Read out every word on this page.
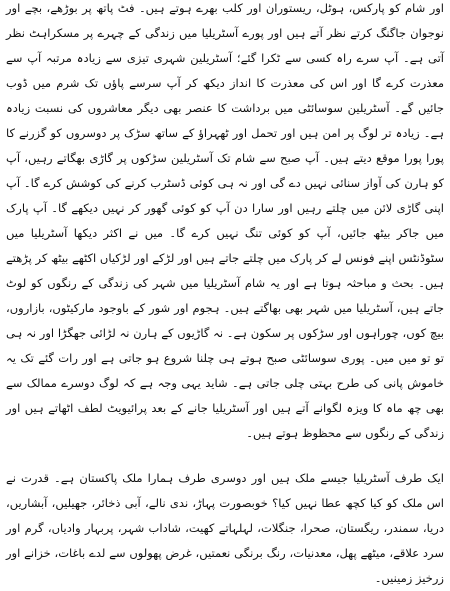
اور شام کو پارکس، ہوٹل، ریستوران اور کلب بھرے ہوتے ہیں۔ فٹ پاتھ پر بوڑھے، بچے اور نوجوان جاگنگ کرتے نظر آتے ہیں اور پورے آسٹریلیا میں زندگی کے چہرے پر مسکراہٹ نظر آتی ہے۔ آپ سرے راہ کسی سے ٹکرا گئے؛ آسٹریلین شہری تیزی سے زیادہ مرتبہ آپ سے معذرت کرے گا اور اس کی معذرت کا انداز دیکھ کر آپ سرسے پاؤں تک شرم میں ڈوب جائیں گے۔ آسٹریلین سوسائٹی میں برداشت کا عنصر بھی دیگر معاشروں کی نسبت زیادہ ہے۔ زیادہ تر لوگ پر امن ہیں اور تحمل اور ٹھہراؤ کے ساتھ سڑک پر دوسروں کو گزرنے کا پورا پورا موقع دیتے ہیں۔ آپ صبح سے شام تک آسٹریلین سڑکوں پر گاڑی بھگاتے رہیں، آپ کو ہارن کی آواز سنائی نہیں دے گی اور نہ ہی کوئی ڈسٹرب کرنے کی کوشش کرے گا۔ آپ اپنی گاڑی لائن میں چلتے رہیں اور سارا دن آپ کو کوئی گھور کر نہیں دیکھے گا۔ آپ پارک میں جاکر بیٹھ جائیں، آپ کو کوئی تنگ نہیں کرے گا۔ میں نے اکثر دیکھا آسٹریلیا میں سٹوڈنٹس اپنے فونس لے کر پارک میں چلتے جاتے ہیں اور لڑکے اور لڑکیاں اکٹھے بیٹھ کر پڑھتے ہیں۔ بحث و مباحثہ ہوتا ہے اور یہ شام آسٹریلیا میں شہر کی زندگی کے رنگوں کو لوٹ جاتے ہیں، آسٹریلیا میں شہر بھی بھاگتے ہیں۔ ہجوم اور شور کے باوجود مارکیٹوں، بازاروں، بیچ کوں، چوراہوں اور سڑکوں پر سکون ہے۔ نہ گاڑیوں کے ہارن نہ لڑائی جھگڑا اور نہ ہی تو تو میں میں۔ پوری سوسائٹی صبح ہوتے ہی چلنا شروع ہو جاتی ہے اور رات گئے تک یہ خاموش پانی کی طرح بہتی چلی جاتی ہے۔ شاید یہی وجہ ہے کہ لوگ دوسرے ممالک سے بھی چھ ماہ کا ویزہ لگوانے آتے ہیں اور آسٹریلیا جانے کے بعد پرائیویٹ لطف اٹھاتے ہیں اور زندگی کے رنگوں سے محظوظ ہوتے ہیں۔

ایک طرف آسٹریلیا جیسے ملک ہیں اور دوسری طرف ہمارا ملک پاکستان ہے۔ قدرت نے اس ملک کو کیا کچھ عطا نہیں کیا؟ خوبصورت پہاڑ، ندی نالے، آبی ذخائر، جھیلیں، آبشاریں، دریا، سمندر، ریگستان، صحرا، جنگلات، لہلہاتے کھیت، شاداب شہر، پربہار وادیاں، گرم اور سرد علاقے، میٹھے پھل، معدنیات، رنگ برنگی نعمتیں، غرض پھولوں سے لدے باغات، خزانے اور زرخیز زمینیں۔
